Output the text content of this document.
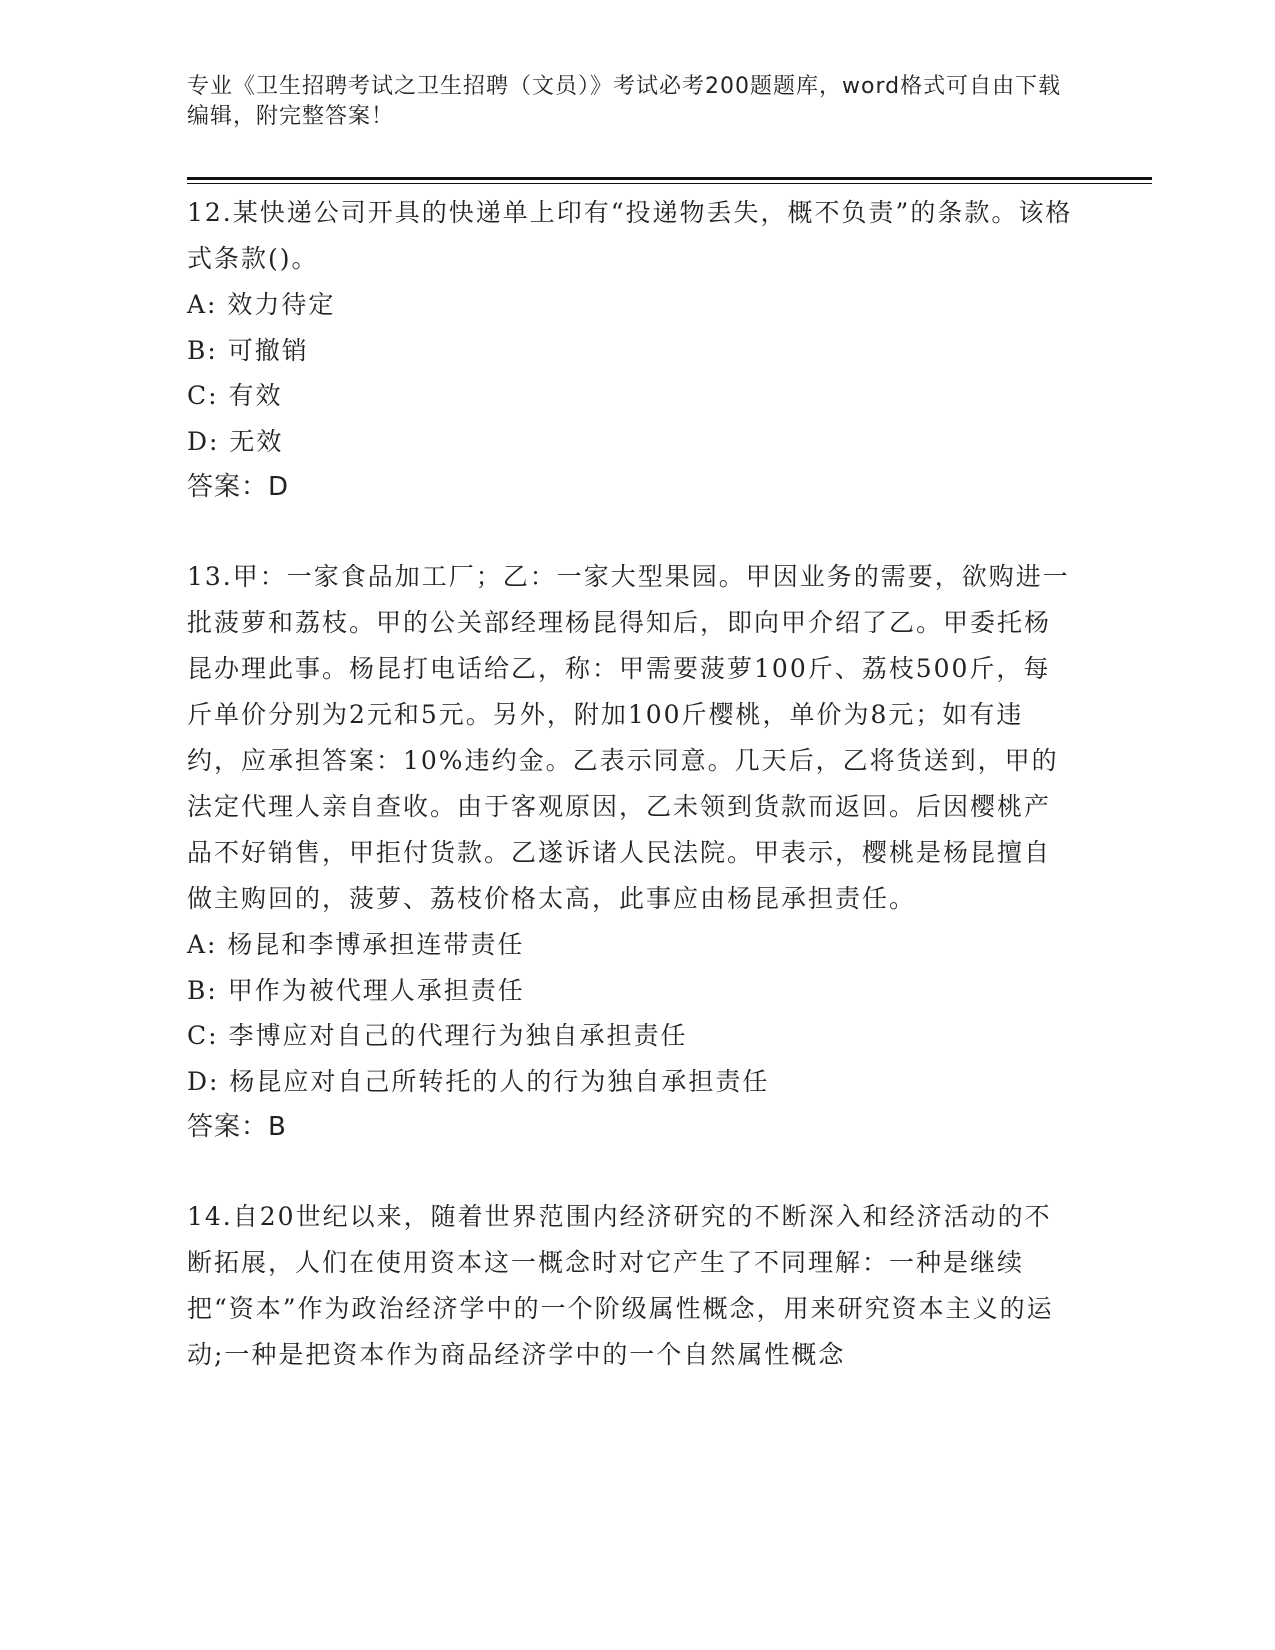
专业《卫生招聘考试之卫生招聘（文员）》考试必考200题题库，word格式可自由下载编辑，附完整答案！
12.某快递公司开具的快递单上印有“投递物丢失，概不负责”的条款。该格式条款()。
A: 效力待定
B: 可撤销
C: 有效
D: 无效
答案：D
13.甲：一家食品加工厂；乙：一家大型果园。甲因业务的需要，欲购进一批菠萝和荔枝。甲的公关部经理杨昆得知后，即向甲介绍了乙。甲委托杨昆办理此事。杨昆打电话给乙，称：甲需要菠萝100斤、荔枝500斤，每斤单价分别为2元和5元。另外，附加100斤樱桃，单价为8元；如有违约，应承担答案：10%违约金。乙表示同意。几天后，乙将货送到，甲的法定代理人亲自查收。由于客观原因，乙未领到货款而返回。后因樱桃产品不好销售，甲拒付货款。乙遂诉诸人民法院。甲表示，樱桃是杨昆擅自做主购回的，菠萝、荔枝价格太高，此事应由杨昆承担责任。
A: 杨昆和李博承担连带责任
B: 甲作为被代理人承担责任
C: 李博应对自己的代理行为独自承担责任
D: 杨昆应对自己所转托的人的行为独自承担责任
答案：B
14.自20世纪以来，随着世界范围内经济研究的不断深入和经济活动的不断拓展，人们在使用资本这一概念时对它产生了不同理解：一种是继续把“资本”作为政治经济学中的一个阶级属性概念，用来研究资本主义的运动;一种是把资本作为商品经济学中的一个自然属性概念
